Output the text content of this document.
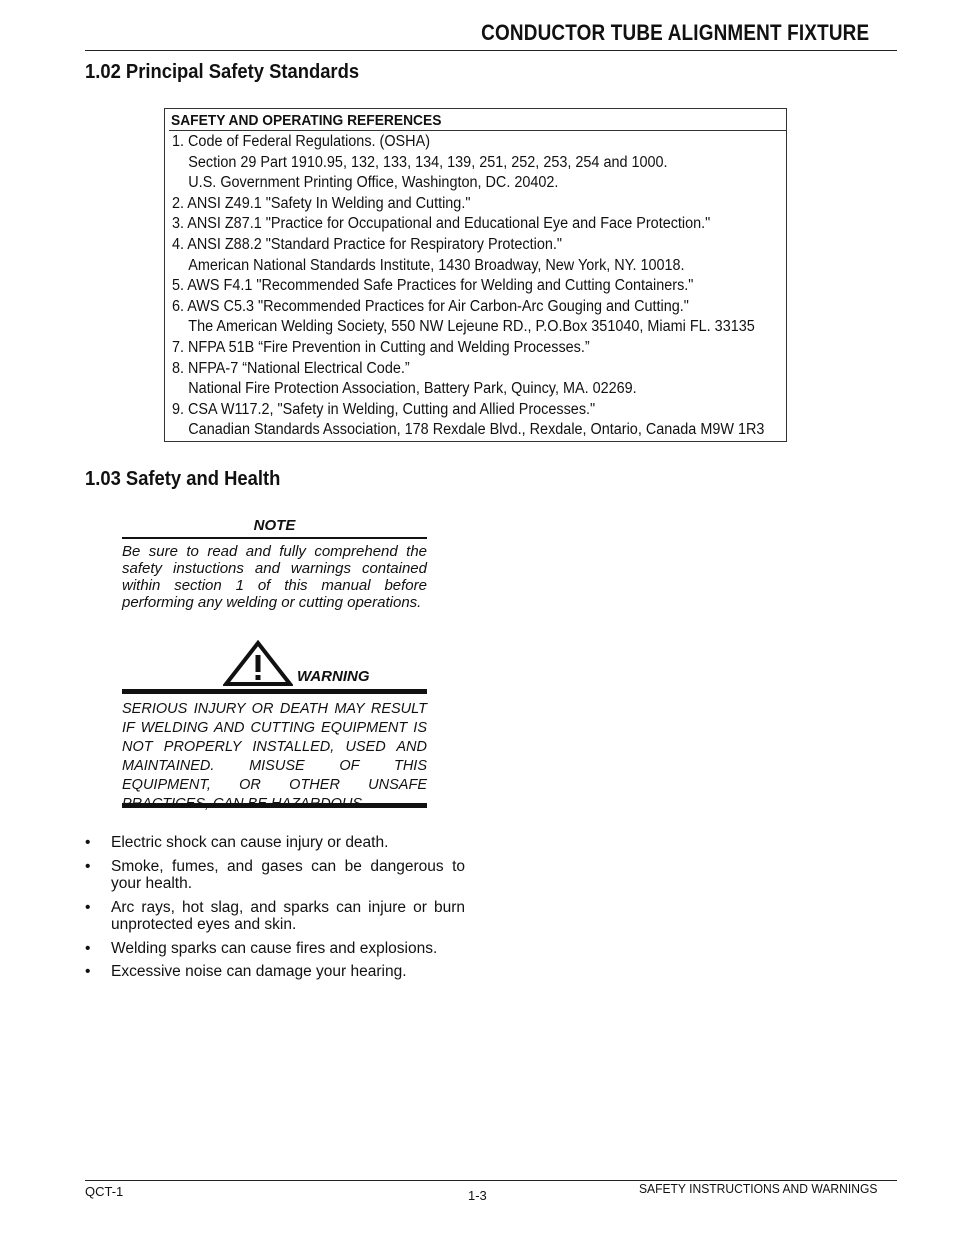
CONDUCTOR TUBE ALIGNMENT FIXTURE
1.02 Principal Safety Standards
SAFETY AND OPERATING REFERENCES
1. Code of Federal Regulations. (OSHA)
Section 29 Part 1910.95, 132, 133, 134, 139, 251, 252, 253, 254 and 1000.
U.S. Government Printing Office, Washington, DC. 20402.
2. ANSI Z49.1 "Safety In Welding and Cutting."
3. ANSI Z87.1 "Practice for Occupational and Educational Eye and Face Protection."
4. ANSI Z88.2 "Standard Practice for Respiratory Protection."
American National Standards Institute, 1430 Broadway, New York, NY. 10018.
5. AWS F4.1 "Recommended Safe Practices for Welding and Cutting Containers."
6. AWS C5.3 "Recommended Practices for Air Carbon-Arc Gouging and Cutting."
The American Welding Society, 550 NW Lejeune RD., P.O.Box 351040, Miami FL. 33135
7. NFPA 51B “Fire Prevention in Cutting and Welding Processes.”
8. NFPA-7 “National Electrical Code.”
National Fire Protection Association, Battery Park, Quincy, MA. 02269.
9. CSA W117.2, "Safety in Welding, Cutting and Allied Processes."
Canadian Standards Association, 178 Rexdale Blvd., Rexdale, Ontario, Canada M9W 1R3
1.03 Safety and Health
NOTE
Be sure to read and fully comprehend the safety instuctions and warnings contained within section 1 of this manual before performing any welding or cutting operations.
WARNING
SERIOUS INJURY OR DEATH MAY RESULT IF WELDING AND CUTTING EQUIPMENT IS NOT PROPERLY INSTALLED, USED AND MAINTAINED. MISUSE OF THIS EQUIPMENT, OR OTHER UNSAFE PRACTICES, CAN BE HAZARDOUS.
• Electric shock can cause injury or death.
• Smoke, fumes, and gases can be dangerous to your health.
• Arc rays, hot slag, and sparks can injure or burn unprotected eyes and skin.
• Welding sparks can cause fires and explosions.
• Excessive noise can damage your hearing.
QCT-1	1-3	SAFETY INSTRUCTIONS AND WARNINGS
